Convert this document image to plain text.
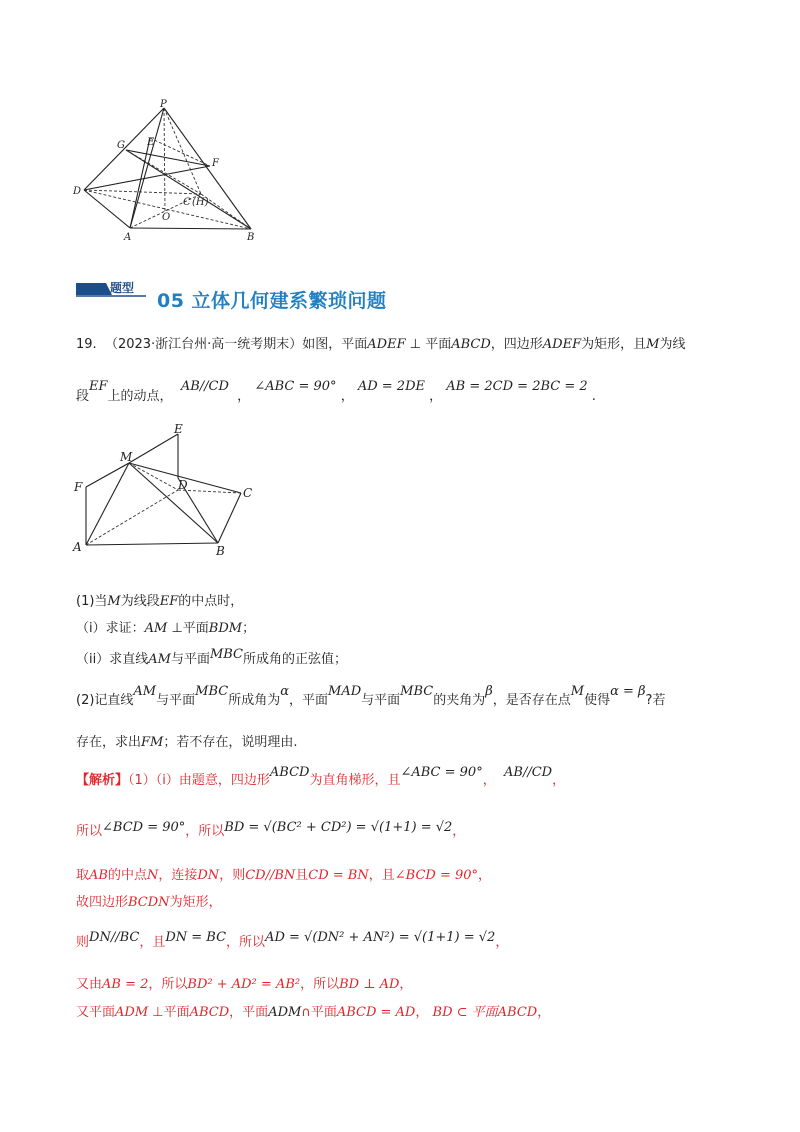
P
G E
F
D
C (H)
O
A	B
题型
05 立体几何建系繁琐问题
19.  （2023·浙江台州·高一统考期末）如图，平面ADEF ⊥ 平面ABCD，四边形ADEF为矩形，且M为线
段EF上的动点，  AB//CD  ， ∠ABC = 90° ， AD = 2DE ， AB = 2CD = 2BC = 2 .
E
M
F	D
C
A	B
(1)当M为线段EF的中点时，
（i）求证：AM ⊥平面BDM；
（ii）求直线AM与平面MBC所成角的正弦值；
(2)记直线AM与平面MBC所成角为α，平面MAD与平面MBC的夹角为β，是否存在点M使得α = β?若
存在，求出FM；若不存在，说明理由.
【解析】（1）（i）由题意，四边形ABCD为直角梯形，且∠ABC = 90°，  AB//CD，
所以∠BCD = 90°，所以BD = √(BC² + CD²) = √(1+1) = √2，
取AB的中点N，连接DN，则CD//BN且CD = BN，且∠BCD = 90°，
故四边形BCDN为矩形，
则DN//BC，且DN = BC，所以AD = √(DN² + AN²) = √(1+1) = √2，
又由AB = 2，所以BD² + AD² = AB²，所以BD ⊥ AD，
又平面ADM ⊥平面ABCD，平面ADM∩平面ABCD = AD， BD ⊂ 平面ABCD，
